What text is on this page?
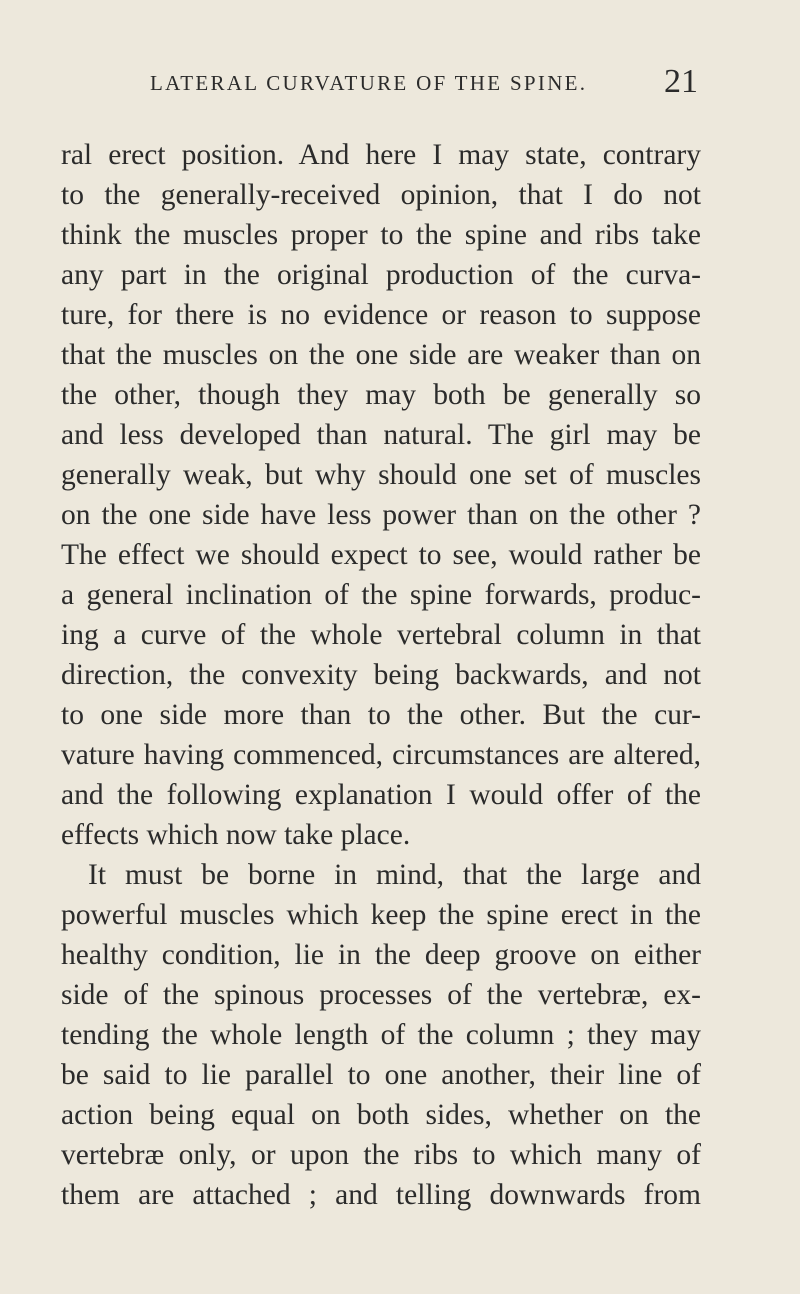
LATERAL CURVATURE OF THE SPINE. 21
ral erect position. And here I may state, contrary
to the generally-received opinion, that I do not
think the muscles proper to the spine and ribs take
any part in the original production of the curva-
ture, for there is no evidence or reason to suppose
that the muscles on the one side are weaker than on
the other, though they may both be generally so
and less developed than natural. The girl may be
generally weak, but why should one set of muscles
on the one side have less power than on the other ?
The effect we should expect to see, would rather be
a general inclination of the spine forwards, produc-
ing a curve of the whole vertebral column in that
direction, the convexity being backwards, and not
to one side more than to the other. But the cur-
vature having commenced, circumstances are altered,
and the following explanation I would offer of the
effects which now take place.
It must be borne in mind, that the large and
powerful muscles which keep the spine erect in the
healthy condition, lie in the deep groove on either
side of the spinous processes of the vertebræ, ex-
tending the whole length of the column ; they may
be said to lie parallel to one another, their line of
action being equal on both sides, whether on the
vertebræ only, or upon the ribs to which many of
them are attached ; and telling downwards from
